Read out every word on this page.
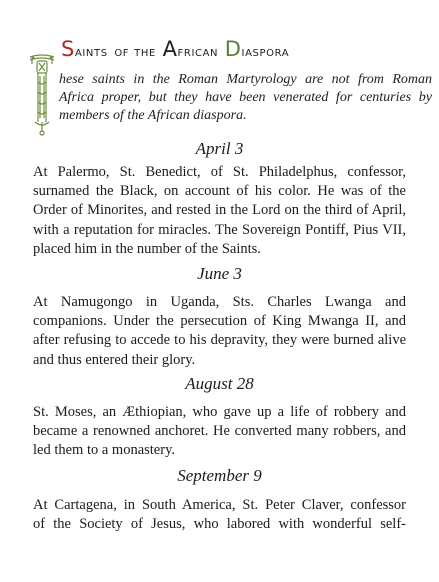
Saints of the African Diaspora
hese saints in the Roman Martyrology are not from Roman
Africa proper, but they have been venerated for centuries by
members of the African diaspora.
April 3
At Palermo, St. Benedict, of St. Philadelphus, confessor,
surnamed the Black, on account of his color. He was of the
Order of Minorites, and rested in the Lord on the third of April,
with a reputation for miracles. The Sovereign Pontiff, Pius VII,
placed him in the number of the Saints.
June 3
At Namugongo in Uganda, Sts. Charles Lwanga and
companions. Under the persecution of King Mwanga II, and
after refusing to accede to his depravity, they were burned alive
and thus entered their glory.
August 28
St. Moses, an Æthiopian, who gave up a life of robbery and
became a renowned anchoret. He converted many robbers, and
led them to a monastery.
September 9
At Cartagena, in South America, St. Peter Claver, confessor
of the Society of Jesus, who labored with wonderful self-
